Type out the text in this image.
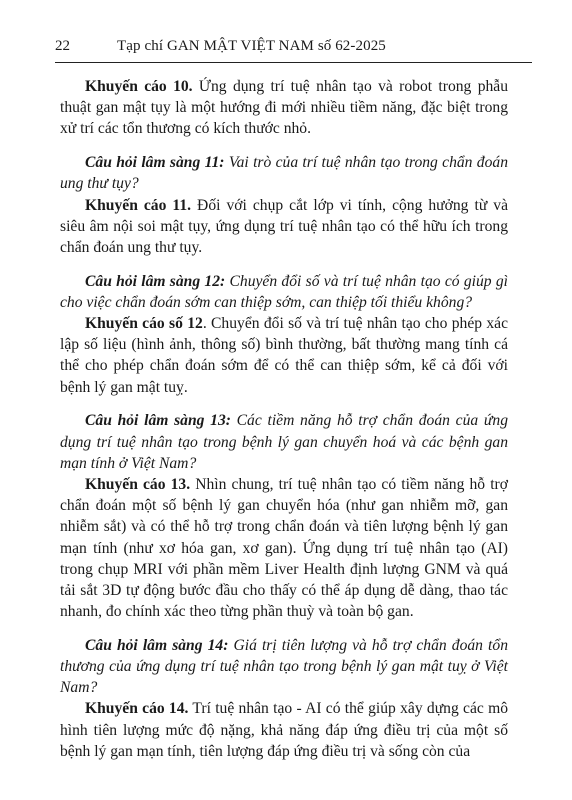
22	Tạp chí GAN MẬT VIỆT NAM số 62-2025

Khuyến cáo 10. Ứng dụng trí tuệ nhân tạo và robot trong phẫu thuật gan mật tụy là một hướng đi mới nhiều tiềm năng, đặc biệt trong xử trí các tổn thương có kích thước nhỏ.

Câu hỏi lâm sàng 11: Vai trò của trí tuệ nhân tạo trong chẩn đoán ung thư tụy?

Khuyến cáo 11. Đối với chụp cắt lớp vi tính, cộng hưởng từ và siêu âm nội soi mật tụy, ứng dụng trí tuệ nhân tạo có thể hữu ích trong chẩn đoán ung thư tụy.

Câu hỏi lâm sàng 12: Chuyển đổi số và trí tuệ nhân tạo có giúp gì cho việc chẩn đoán sớm can thiệp sớm, can thiệp tối thiểu không?

Khuyến cáo số 12. Chuyển đổi số và trí tuệ nhân tạo cho phép xác lập số liệu (hình ảnh, thông số) bình thường, bất thường mang tính cá thể cho phép chẩn đoán sớm để có thể can thiệp sớm, kể cả đối với bệnh lý gan mật tuỵ.

Câu hỏi lâm sàng 13: Các tiềm năng hỗ trợ chẩn đoán của ứng dụng trí tuệ nhân tạo trong bệnh lý gan chuyển hoá và các bệnh gan mạn tính ở Việt Nam?

Khuyến cáo 13. Nhìn chung, trí tuệ nhân tạo có tiềm năng hỗ trợ chẩn đoán một số bệnh lý gan chuyển hóa (như gan nhiễm mỡ, gan nhiễm sắt) và có thể hỗ trợ trong chẩn đoán và tiên lượng bệnh lý gan mạn tính (như xơ hóa gan, xơ gan). Ứng dụng trí tuệ nhân tạo (AI) trong chụp MRI với phần mềm Liver Health định lượng GNM và quá tải sắt 3D tự động bước đầu cho thấy có thể áp dụng dễ dàng, thao tác nhanh, đo chính xác theo từng phần thuỳ và toàn bộ gan.

Câu hỏi lâm sàng 14: Giá trị tiên lượng và hỗ trợ chẩn đoán tổn thương của ứng dụng trí tuệ nhân tạo trong bệnh lý gan mật tuỵ ở Việt Nam?

Khuyến cáo 14. Trí tuệ nhân tạo - AI có thể giúp xây dựng các mô hình tiên lượng mức độ nặng, khả năng đáp ứng điều trị của một số bệnh lý gan mạn tính, tiên lượng đáp ứng điều trị và sống còn của
